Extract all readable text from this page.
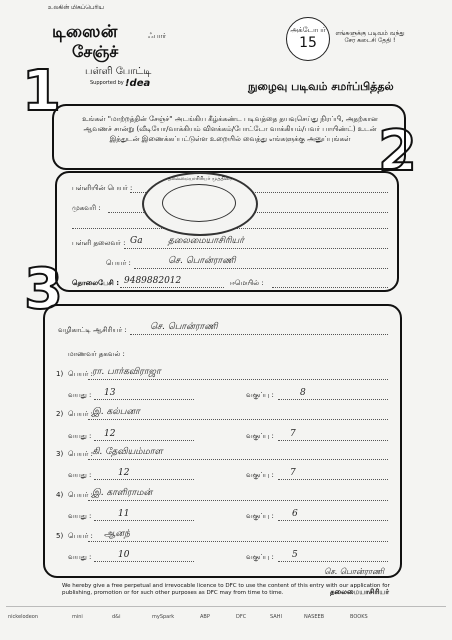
உலகின் மிகப்பெரிய
டிஸைன்	ஃபார்
சேஞ்ச்
பள்ளி போட்டி
Supported by !dea
அக்டோபர்
15
எங்களுக்கு படிவம் வந்து சேர கடைசி தேதி !
நுழைவு படிவம் சமர்ப்பித்தல்
1
2
3
உங்கள் "மாற்றத்தின் சேஞ்ச்" அடங்கிய கீழ்க்கண்ட படிவத்தை தயவுசெய்து நிரப்பி, அதற்கான ஆவணச் சான்று (வீடியோ/வாக்கியம் விளக்கம்/போட்டோ வாக்கியம்/பவர் பாயிண்ட்) உடன் இத்துடன் இணைக்கப்பட்டுள்ள உறையில் வைத்து எங்களுக்கு அனுப்புங்கள்
பள்ளியின் பெயர் :
முகவரி :
தலைமையாசிரியர் முத்திரை
பள்ளி தலைவர் : Ga	தலைமையாசிரியர்
பெயர் :	செ. பொன்ராணி
தொலைபேசி : 9489882012	ஈமெயில் :
வழிகாட்டி ஆசிரியர் :	செ. பொன்ராணி
மாணவர் தகவல் :
1) பெயர் : ரா. பார்கவிராஜா
வயது : 13	வகுப்பு :	8
2) பெயர் : இ. கல்பனா
வயது : 12	வகுப்பு : 7
3) பெயர் : கி. தேவியம்மாள
வயது :	12	வகுப்பு : 7
4) பெயர் : இ. காளிராமன்
வயது :	11	வகுப்பு : 6
5) பெயர் : ஆனந்
வயது :	10	வகுப்பு : 5
செ. பொன்ராணி
தலைமையாசிரியர்
We hereby give a free perpetual and irrevocable licence to DFC to use the content of this entry with our application for publishing, promotion or for such other purposes as DFC may from time to time.
nickelodeon	mini	d&i	mySpark	ABP	DFC	SAHI	NASEEB	BOOKS
